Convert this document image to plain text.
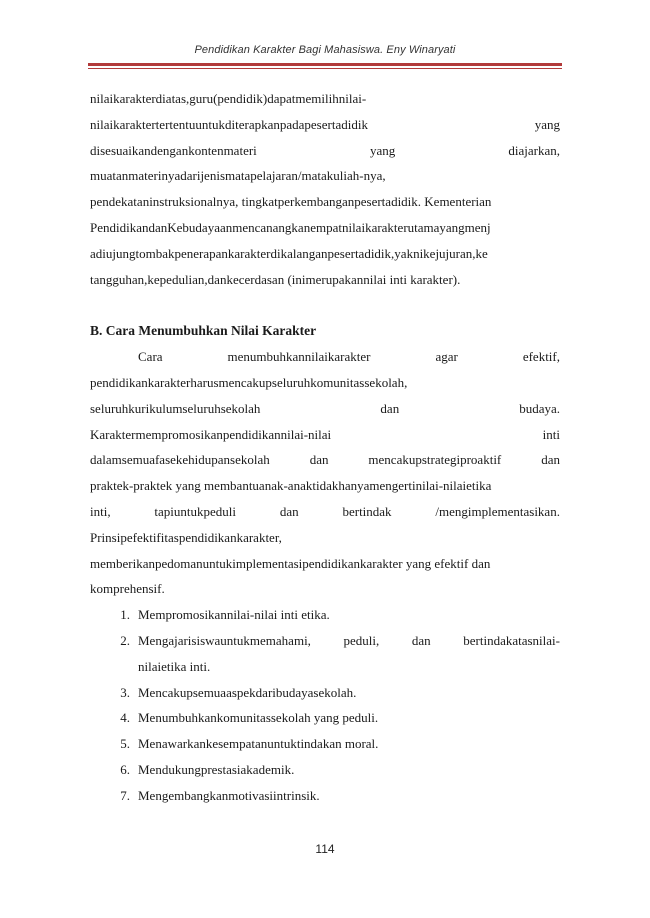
Pendidikan Karakter Bagi Mahasiswa. Eny Winaryati
nilaikarakterdiatas,guru(pendidik)dapatmemilihnilai-
nilaikaraktertertentuuntukditerapkanpadapesertadidik	yang
disesuaikandengankontenmateri	yang	diajarkan,
muatanmaterinyadarijenismatapelajaran/matakuliah-nya,
pendekataninstruksionalnya, tingkatperkembanganpesertadidik. Kementerian
PendidikandanKebudayaanmencanangkanempatnilaikarakterutamayangmenj
adiujungtombakpenerapankarakterdikalanganpesertadidik,yaknikejujuran,ke
tangguhan,kepedulian,dankecerdasan (inimerupakannilai inti karakter).
B. Cara Menumbuhkan Nilai Karakter
Cara	menumbuhkannilaikarakter	agar	efektif,
pendidikankarakterharusmencakupseluruhkomunitassekolah,
seluruhkurikulumseluruhsekolah	dan	budaya.
Karaktermempromosikanpendidikannilai-nilai	inti
dalamsemuafasekehidupansekolah	dan	mencakupstrategiproaktif	dan
praktek-praktek yang membantuanak-anaktidakhanyamengertinilai-nilaietika
inti,	tapiuntukpeduli	dan	bertindak	/mengimplementasikan.
Prinsipefektifitaspendidikankarakter,
memberikanpedomanuntukimplementasipendidikankarakter yang efektif dan
komprehensif.
1. Mempromosikannilai-nilai inti etika.
2. Mengajarisiswauntukmemahami,	peduli,	dan	bertindakatasnilai-
nilaietika inti.
3. Mencakupsemuaaspekdaribudayasekolah.
4. Menumbuhkankomunitassekolah yang peduli.
5. Menawarkankesempatanuntuktindakan moral.
6. Mendukungprestasiakademik.
7. Mengembangkanmotivasiintrinsik.
114
